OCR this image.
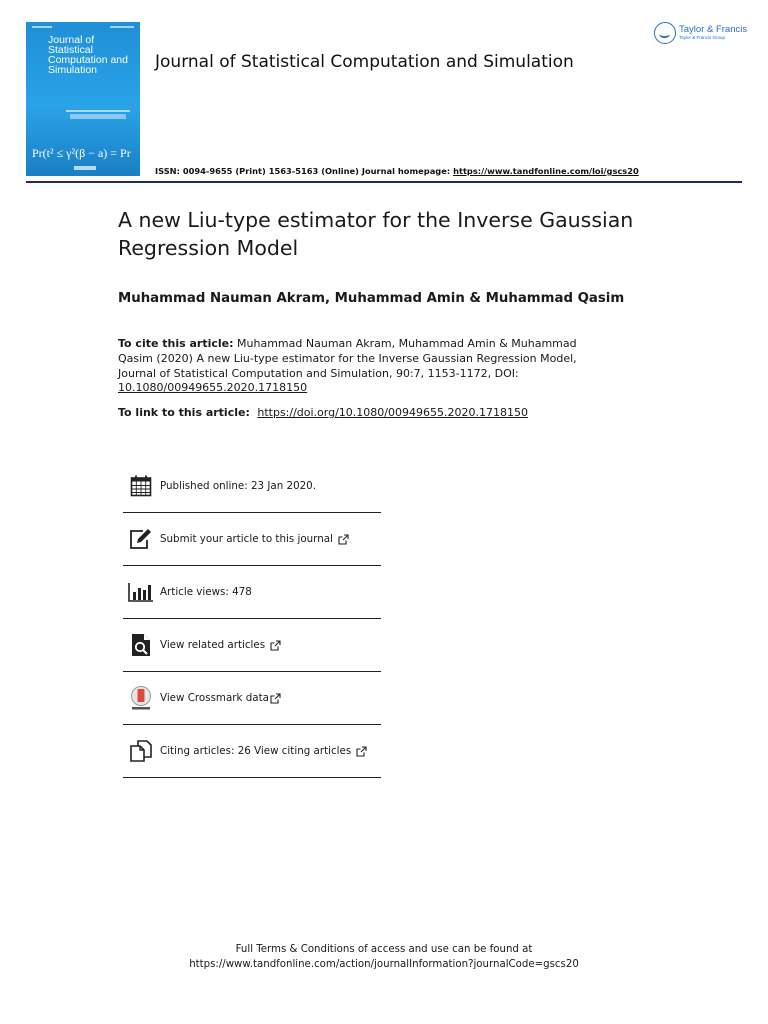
Journal of Statistical Computation and Simulation
Pr(t² ≤ γ²(β − a) = Pr
Journal of Statistical Computation and Simulation
Taylor & Francis
Taylor & Francis Group
ISSN: 0094-9655 (Print) 1563-5163 (Online) Journal homepage: https://www.tandfonline.com/loi/gscs20
A new Liu-type estimator for the Inverse Gaussian Regression Model
Muhammad Nauman Akram, Muhammad Amin & Muhammad Qasim
To cite this article: Muhammad Nauman Akram, Muhammad Amin & Muhammad Qasim (2020) A new Liu-type estimator for the Inverse Gaussian Regression Model, Journal of Statistical Computation and Simulation, 90:7, 1153-1172, DOI: 10.1080/00949655.2020.1718150
To link to this article: https://doi.org/10.1080/00949655.2020.1718150
Published online: 23 Jan 2020.
Submit your article to this journal
Article views: 478
View related articles
View Crossmark data
Citing articles: 26 View citing articles
Full Terms & Conditions of access and use can be found at
https://www.tandfonline.com/action/journalInformation?journalCode=gscs20
